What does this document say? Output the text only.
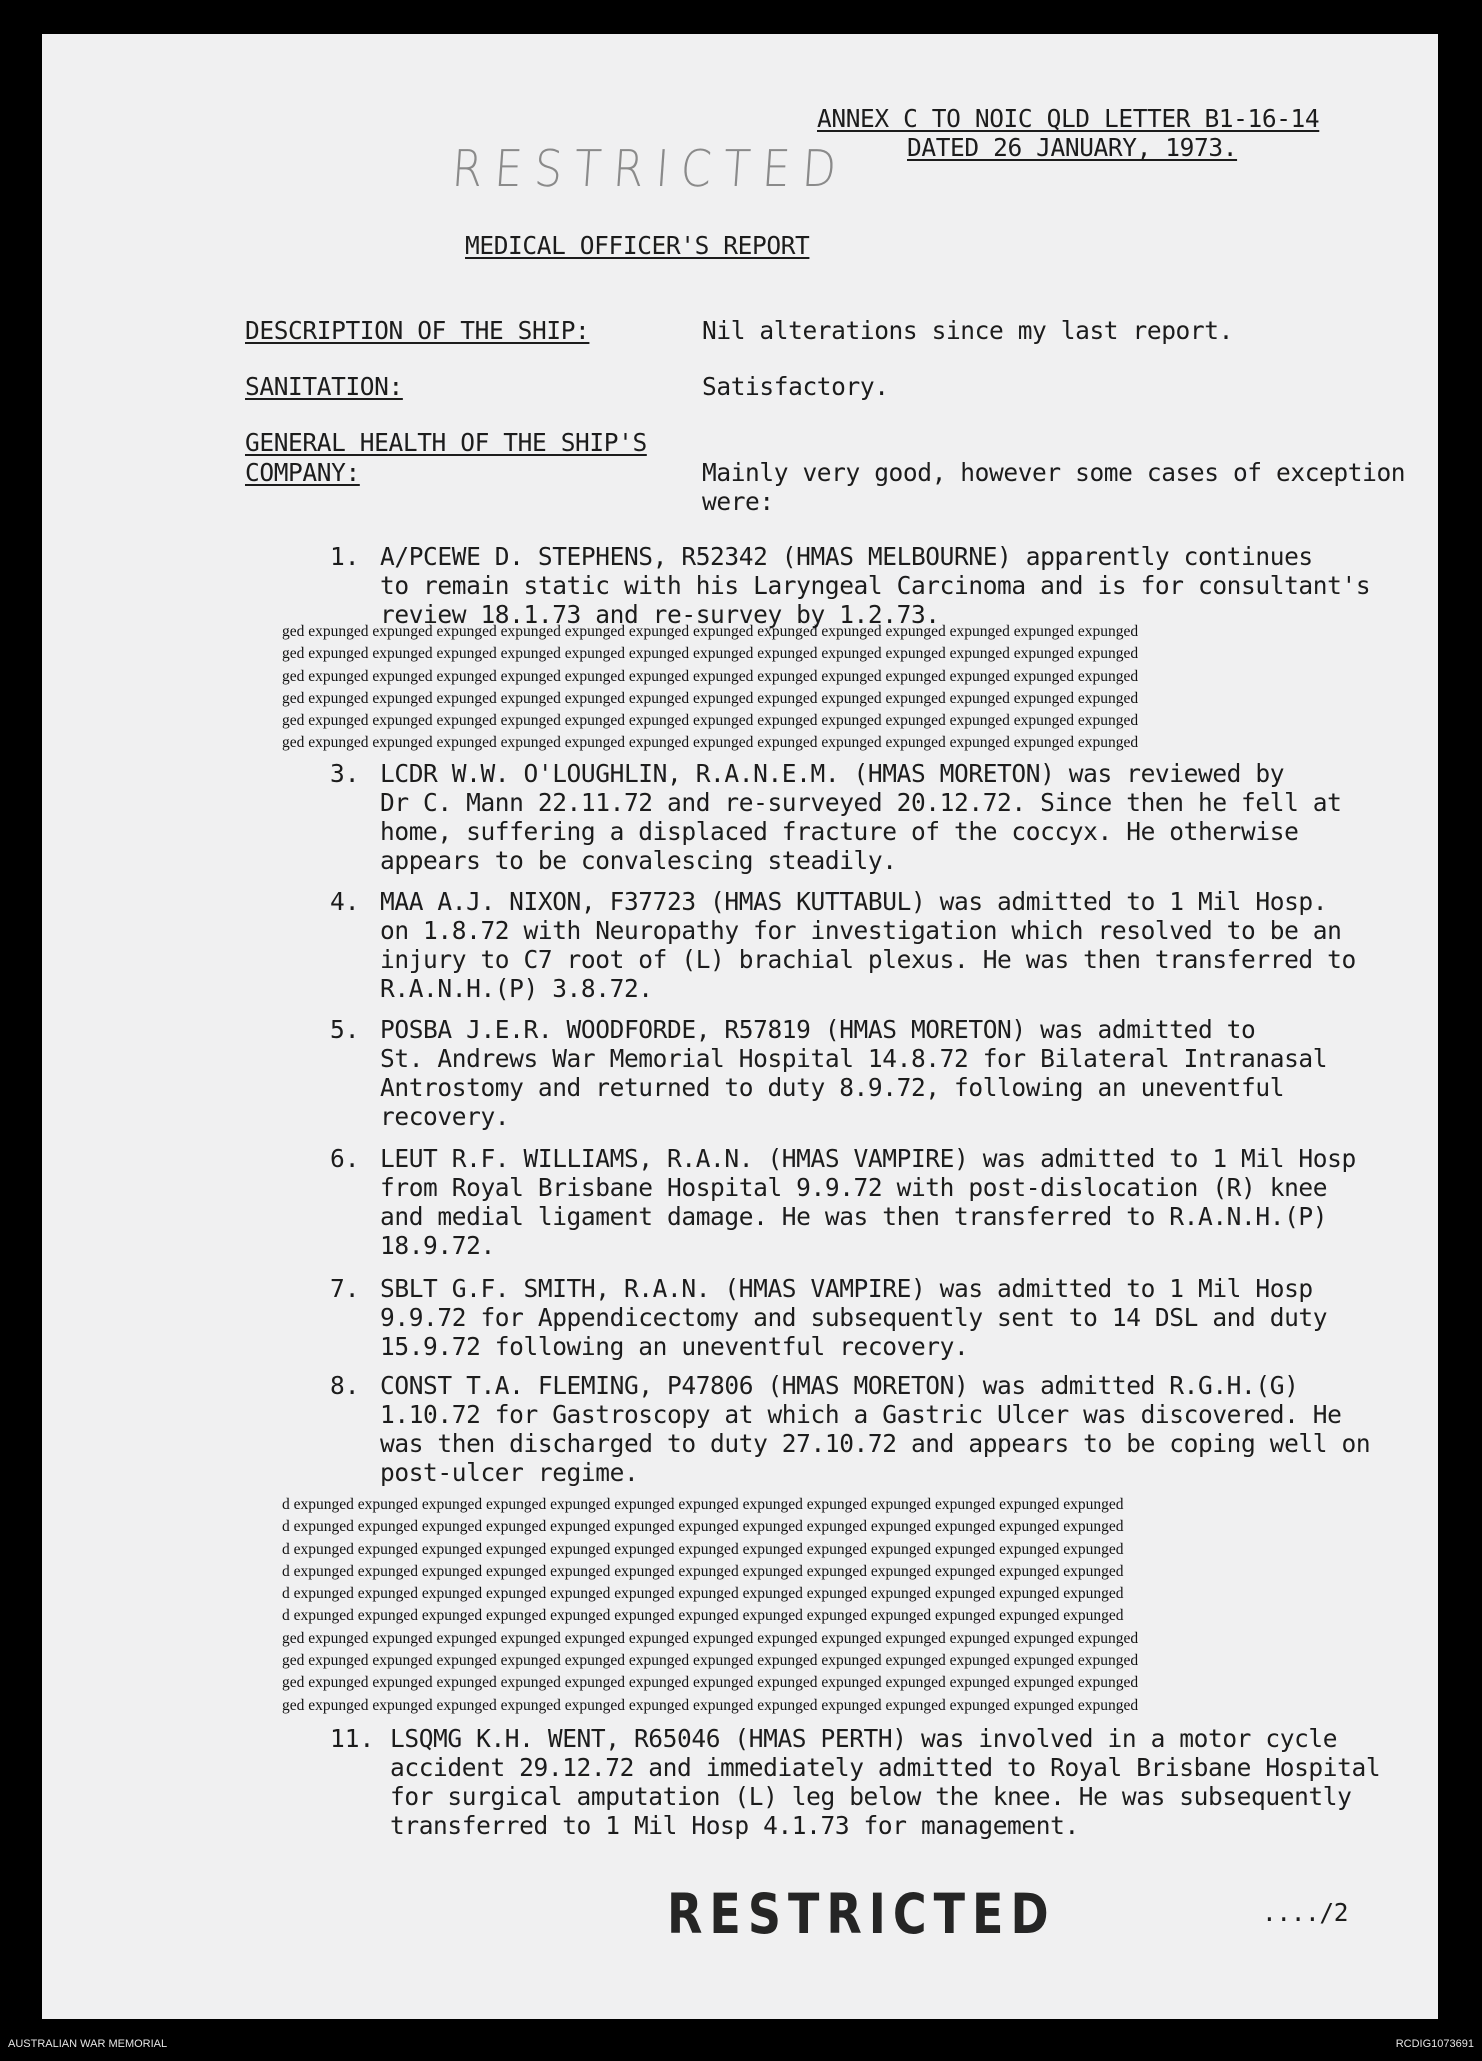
ANNEX C TO NOIC QLD LETTER B1-16-14
DATED 26 JANUARY, 1973.
RESTRICTED
MEDICAL OFFICER'S REPORT
DESCRIPTION OF THE SHIP:	Nil alterations since my last report.
SANITATION:	Satisfactory.
GENERAL HEALTH OF THE SHIP'S
COMPANY:	Mainly very good, however some cases of exception
were:
1. A/PCEWE D. STEPHENS, R52342 (HMAS MELBOURNE) apparently continues
to remain static with his Laryngeal Carcinoma and is for consultant's
review 18.1.73 and re-survey by 1.2.73.
ged expunged expunged expunged expunged expunged expunged expunged expunged expunged expunged expunged expunged expunged
ged expunged expunged expunged expunged expunged expunged expunged expunged expunged expunged expunged expunged expunged
ged expunged expunged expunged expunged expunged expunged expunged expunged expunged expunged expunged expunged expunged
ged expunged expunged expunged expunged expunged expunged expunged expunged expunged expunged expunged expunged expunged
ged expunged expunged expunged expunged expunged expunged expunged expunged expunged expunged expunged expunged expunged
ged expunged expunged expunged expunged expunged expunged expunged expunged expunged expunged expunged expunged expunged
3. LCDR W.W. O'LOUGHLIN, R.A.N.E.M. (HMAS MORETON) was reviewed by
Dr C. Mann 22.11.72 and re-surveyed 20.12.72. Since then he fell at
home, suffering a displaced fracture of the coccyx. He otherwise
appears to be convalescing steadily.
4. MAA A.J. NIXON, F37723 (HMAS KUTTABUL) was admitted to 1 Mil Hosp.
on 1.8.72 with Neuropathy for investigation which resolved to be an
injury to C7 root of (L) brachial plexus. He was then transferred to
R.A.N.H.(P) 3.8.72.
5. POSBA J.E.R. WOODFORDE, R57819 (HMAS MORETON) was admitted to
St. Andrews War Memorial Hospital 14.8.72 for Bilateral Intranasal
Antrostomy and returned to duty 8.9.72, following an uneventful
recovery.
6. LEUT R.F. WILLIAMS, R.A.N. (HMAS VAMPIRE) was admitted to 1 Mil Hosp
from Royal Brisbane Hospital 9.9.72 with post-dislocation (R) knee
and medial ligament damage. He was then transferred to R.A.N.H.(P)
18.9.72.
7. SBLT G.F. SMITH, R.A.N. (HMAS VAMPIRE) was admitted to 1 Mil Hosp
9.9.72 for Appendicectomy and subsequently sent to 14 DSL and duty
15.9.72 following an uneventful recovery.
8. CONST T.A. FLEMING, P47806 (HMAS MORETON) was admitted R.G.H.(G)
1.10.72 for Gastroscopy at which a Gastric Ulcer was discovered. He
was then discharged to duty 27.10.72 and appears to be coping well on
post-ulcer regime.
d expunged expunged expunged expunged expunged expunged expunged expunged expunged expunged expunged expunged expunged
d expunged expunged expunged expunged expunged expunged expunged expunged expunged expunged expunged expunged expunged
d expunged expunged expunged expunged expunged expunged expunged expunged expunged expunged expunged expunged expunged
d expunged expunged expunged expunged expunged expunged expunged expunged expunged expunged expunged expunged expunged
d expunged expunged expunged expunged expunged expunged expunged expunged expunged expunged expunged expunged expunged
d expunged expunged expunged expunged expunged expunged expunged expunged expunged expunged expunged expunged expunged
ged expunged expunged expunged expunged expunged expunged expunged expunged expunged expunged expunged expunged expunged
ged expunged expunged expunged expunged expunged expunged expunged expunged expunged expunged expunged expunged expunged
ged expunged expunged expunged expunged expunged expunged expunged expunged expunged expunged expunged expunged expunged
ged expunged expunged expunged expunged expunged expunged expunged expunged expunged expunged expunged expunged expunged
11. LSQMG K.H. WENT, R65046 (HMAS PERTH) was involved in a motor cycle
accident 29.12.72 and immediately admitted to Royal Brisbane Hospital
for surgical amputation (L) leg below the knee. He was subsequently
transferred to 1 Mil Hosp 4.1.73 for management.
RESTRICTED	..../2
AUSTRALIAN WAR MEMORIAL	RCDIG1073691
